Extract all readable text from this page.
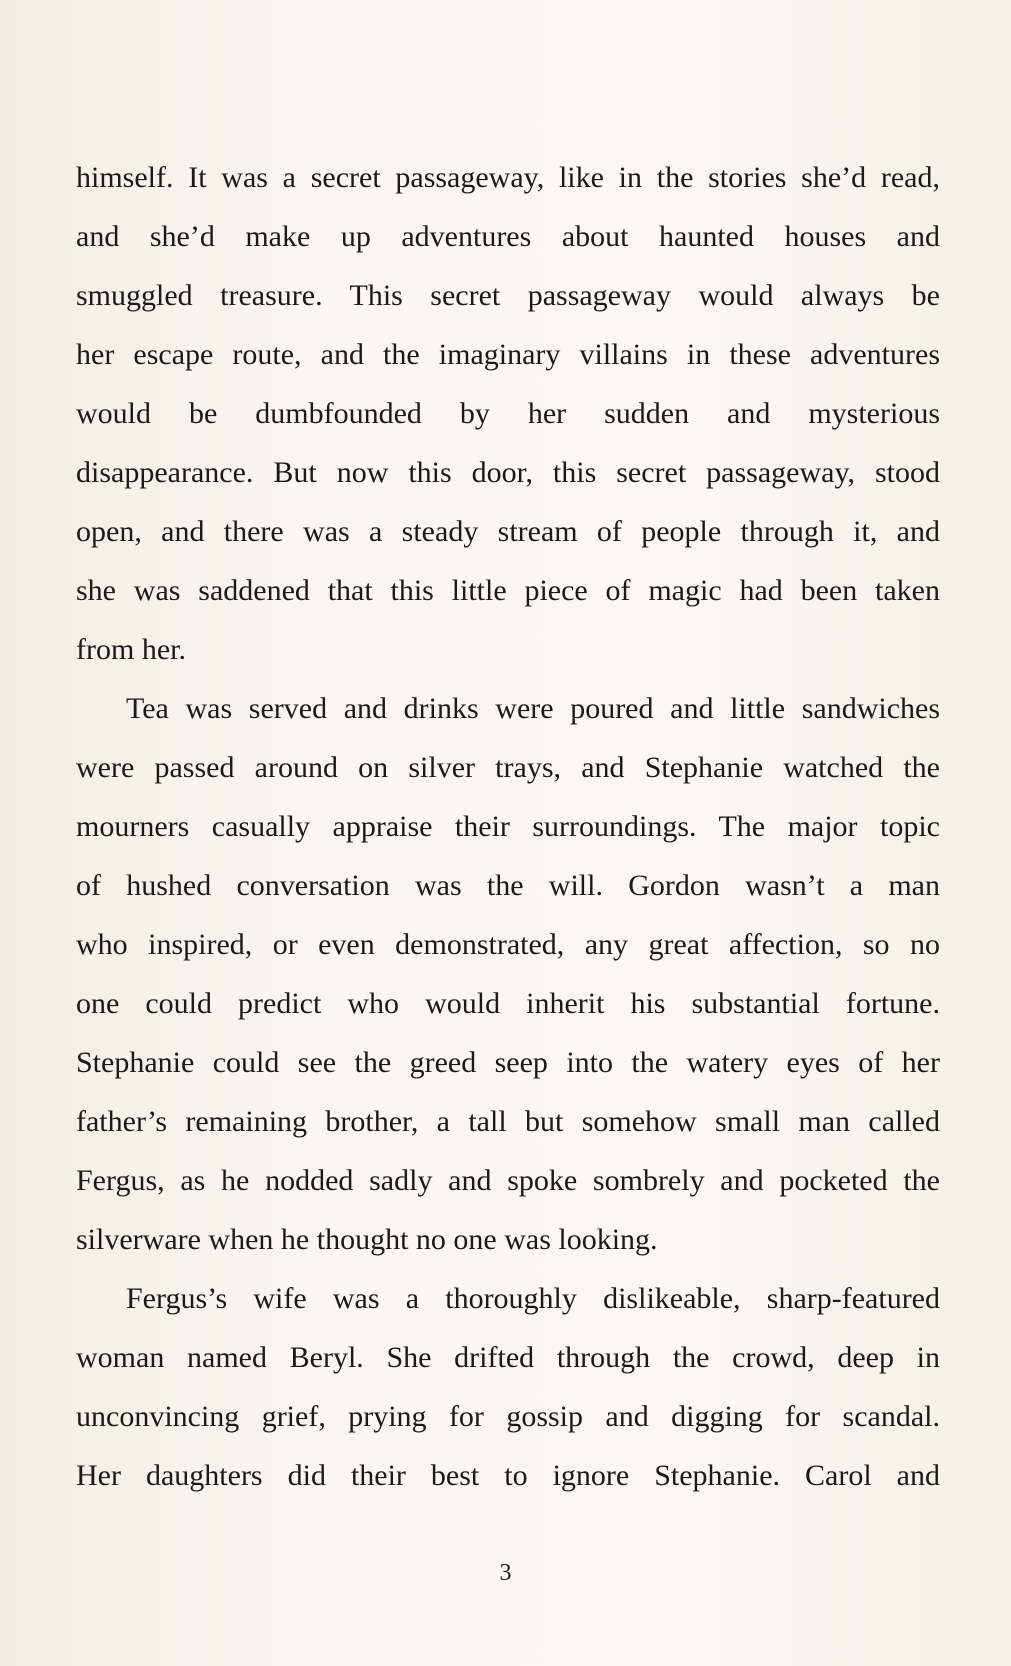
himself. It was a secret passageway, like in the stories she’d read,
and she’d make up adventures about haunted houses and
smuggled treasure. This secret passageway would always be
her escape route, and the imaginary villains in these adventures
would be dumbfounded by her sudden and mysterious
disappearance. But now this door, this secret passageway, stood
open, and there was a steady stream of people through it, and
she was saddened that this little piece of magic had been taken
from her.
Tea was served and drinks were poured and little sandwiches
were passed around on silver trays, and Stephanie watched the
mourners casually appraise their surroundings. The major topic
of hushed conversation was the will. Gordon wasn’t a man
who inspired, or even demonstrated, any great affection, so no
one could predict who would inherit his substantial fortune.
Stephanie could see the greed seep into the watery eyes of her
father’s remaining brother, a tall but somehow small man called
Fergus, as he nodded sadly and spoke sombrely and pocketed the
silverware when he thought no one was looking.
Fergus’s wife was a thoroughly dislikeable, sharp-featured
woman named Beryl. She drifted through the crowd, deep in
unconvincing grief, prying for gossip and digging for scandal.
Her daughters did their best to ignore Stephanie. Carol and
3
